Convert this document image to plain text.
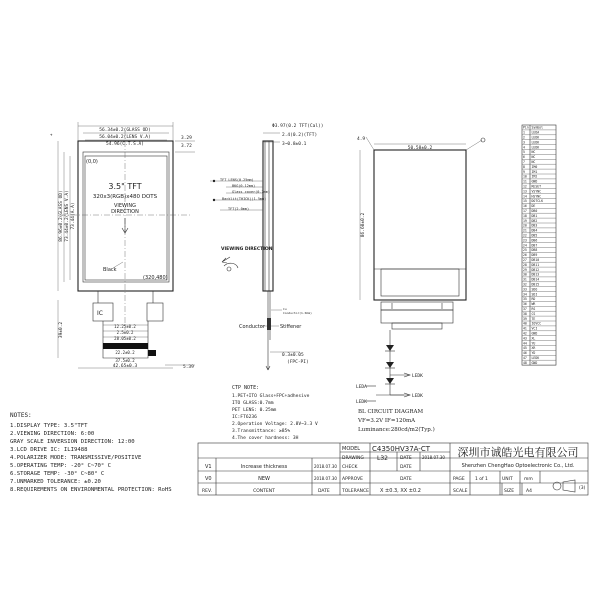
(0,0)
(320,480)
3.5" TFT
320x3(RGB)x480 DOTS
VIEWING
DIRECTION
Black
56.34±0.2(GLASS OD)
56.04±0.2(LENS V.A)
54.96(C.T.S.A)
3.29
3.72
86.96±0.2(GLASS OD) 73.44±0.2(LENS V.A) 73.44(A.A)
+
IC
12.25±0.2
2.5±0.2
28.05±0.2
22.2±0.2
37.5±0.2
39±0.2
42.65±0.3	5.39
Φ3.97(0.2 TFT(Cal))
2.4(0.2)(TFT)
3~0.8±0.1
TFT LENS(0.25mm)
BKG(0.12mm)
Glass cover(0.7mm)
Backlit(THICK)(1.5mm)
TFT(2.0mm)
VIEWING DIRECTION
Cu
Conductor(1.0mm)
Conductor	Stiffener
0.3±0.05
(FPC-PI)
50.58±0.2
4.9
86.60±0.2
LEDK
LEDK
LEDA
LEDK
BL CIRCUIT DIAGRAM
VF=3.2V IF=120mA
Luminance:280cd/m2(Typ.)
CTP NOTE:
1.PET+ITO Glass+FPC+adhesive
ITO GLASS:0.7mm
PET LENS: 0.25mm
IC:FT6236
2.Operation Voltage: 2.8V~3.3 V
3.Transmittance: ≥85%
4.The cover hardness: 3H
Pin Symbol
1 LEDA
2 LEDK
3 LEDK
4 LEDK
5 NC
6 NC
7 NC
8 IM0
9 IM1
10 IM2
11 GND
12 RESET
13 VSYNC
14 HSYNC
15 DOTCLK
16 DE
17 DB0
18 DB1
19 DB2
20 DB3
21 DB4
22 DB5
23 DB6
24 DB7
25 DB8
26 DB9
27 DB10
28 DB11
29 DB12
30 DB13
31 DB14
32 DB15
33 SDO
34 SDI
35 RD
36 WR
37 RS
38 CS
39 TE
40 IOVCC
41 VCI
42 GND
43 XL
44 YU
45 XR
46 YD
47 LEDK
48 GND
NOTES:
1.DISPLAY TYPE: 3.5"TFT
2.VIEWING DIRECTION: 6:00
GRAY SCALE INVERSION DIRECTION: 12:00
3.LCD DRIVE IC: ILI9488
4.POLARIZER MODE: TRANSMISSIVE/POSITIVE
5.OPERATING TEMP: -20° C~70° C
6.STORAGE TEMP: -30° C~80° C
7.UNMARKED TOLERANCE: ±0.20
8.REQUIREMENTS ON ENVIRONMENTAL PROTECTION: RoHS
MODEL C4350HV37A-CT
DRAWING L32	DATE	2018.07.30
CHECK
APPROVE
TOLERANCE X ±0.3, XX ±0.2
DATE
DATE
深圳市诚皓光电有限公司
Shenzhen ChengHao Optoelectronic Co., Ltd.
PAGE 1 of 1	UNIT	mm
SCALE	SIZE	A4
(3)
V1	Increase thickness	2018.07.30
V0	NEW	2018.07.30
REV.	CONTENT	DATE
